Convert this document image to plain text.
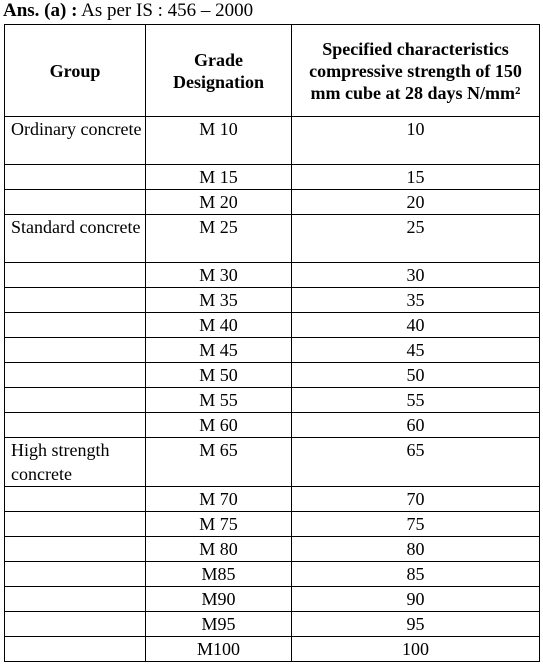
Ans. (a) : As per IS : 456 – 2000
Group	Grade Designation	Specified characteristics compressive strength of 150 mm cube at 28 days N/mm²
Ordinary concrete	M 10	10
	M 15	15
	M 20	20
Standard concrete	M 25	25
	M 30	30
	M 35	35
	M 40	40
	M 45	45
	M 50	50
	M 55	55
	M 60	60
High strength concrete	M 65	65
	M 70	70
	M 75	75
	M 80	80
	M85	85
	M90	90
	M95	95
	M100	100
